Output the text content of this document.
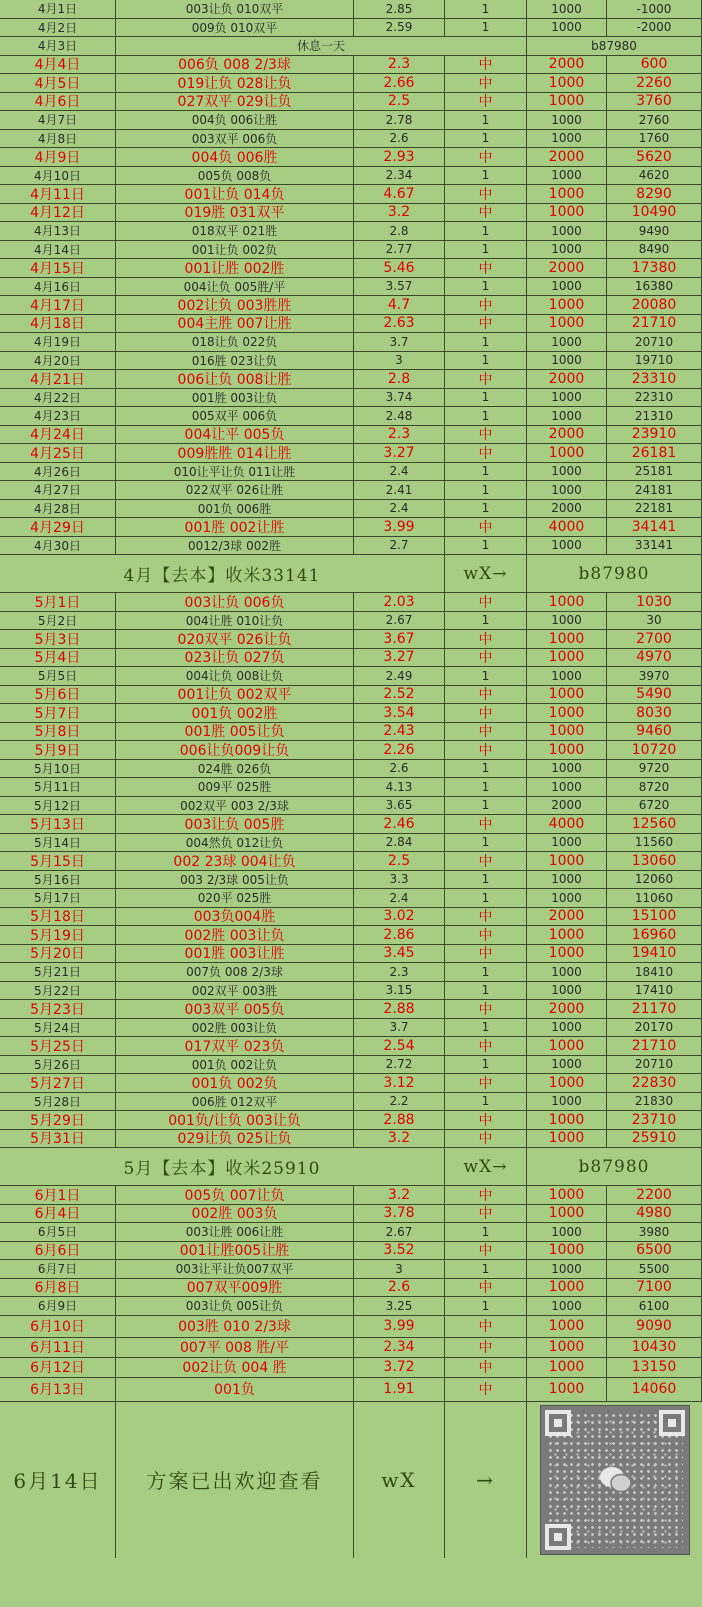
4月1日	003让负 010双平	2.85	1	1000	-1000
4月2日	009负 010双平	2.59	1	1000	-2000
4月3日	休息一天	b87980
4月4日	006负 008 2/3球	2.3	中	2000	600
4月5日	019让负 028让负	2.66	中	1000	2260
4月6日	027双平 029让负	2.5	中	1000	3760
4月7日	004负 006让胜	2.78	1	1000	2760
4月8日	003双平 006负	2.6	1	1000	1760
4月9日	004负 006胜	2.93	中	2000	5620
4月10日	005负 008负	2.34	1	1000	4620
4月11日	001让负 014负	4.67	中	1000	8290
4月12日	019胜 031双平	3.2	中	1000	10490
4月13日	018双平 021胜	2.8	1	1000	9490
4月14日	001让负 002负	2.77	1	1000	8490
4月15日	001让胜 002胜	5.46	中	2000	17380
4月16日	004让负 005胜/平	3.57	1	1000	16380
4月17日	002让负 003胜胜	4.7	中	1000	20080
4月18日	004主胜 007让胜	2.63	中	1000	21710
4月19日	018让负 022负	3.7	1	1000	20710
4月20日	016胜 023让负	3	1	1000	19710
4月21日	006让负 008让胜	2.8	中	2000	23310
4月22日	001胜 003让负	3.74	1	1000	22310
4月23日	005双平 006负	2.48	1	1000	21310
4月24日	004让平 005负	2.3	中	2000	23910
4月25日	009胜胜 014让胜	3.27	中	1000	26181
4月26日	010让平让负 011让胜	2.4	1	1000	25181
4月27日	022双平 026让胜	2.41	1	1000	24181
4月28日	001负 006胜	2.4	1	2000	22181
4月29日	001胜 002让胜	3.99	中	4000	34141
4月30日	0012/3球 002胜	2.7	1	1000	33141
4月【去本】收米33141	wX→	b87980
5月1日	003让负 006负	2.03	中	1000	1030
5月2日	004让胜 010让负	2.67	1	1000	30
5月3日	020双平 026让负	3.67	中	1000	2700
5月4日	023让负 027负	3.27	中	1000	4970
5月5日	004让负 008让负	2.49	1	1000	3970
5月6日	001让负 002双平	2.52	中	1000	5490
5月7日	001负 002胜	3.54	中	1000	8030
5月8日	001胜 005让负	2.43	中	1000	9460
5月9日	006让负009让负	2.26	中	1000	10720
5月10日	024胜 026负	2.6	1	1000	9720
5月11日	009平 025胜	4.13	1	1000	8720
5月12日	002双平 003 2/3球	3.65	1	2000	6720
5月13日	003让负 005胜	2.46	中	4000	12560
5月14日	004然负 012让负	2.84	1	1000	11560
5月15日	002 23球 004让负	2.5	中	1000	13060
5月16日	003 2/3球 005让负	3.3	1	1000	12060
5月17日	020平 025胜	2.4	1	1000	11060
5月18日	003负004胜	3.02	中	2000	15100
5月19日	002胜 003让负	2.86	中	1000	16960
5月20日	001胜 003让胜	3.45	中	1000	19410
5月21日	007负 008 2/3球	2.3	1	1000	18410
5月22日	002双平 003胜	3.15	1	1000	17410
5月23日	003双平 005负	2.88	中	2000	21170
5月24日	002胜 003让负	3.7	1	1000	20170
5月25日	017双平 023负	2.54	中	1000	21710
5月26日	001负 002让负	2.72	1	1000	20710
5月27日	001负 002负	3.12	中	1000	22830
5月28日	006胜 012双平	2.2	1	1000	21830
5月29日	001负/让负 003让负	2.88	中	1000	23710
5月31日	029让负 025让负	3.2	中	1000	25910
5月【去本】收米25910	wX→	b87980
6月1日	005负 007让负	3.2	中	1000	2200
6月4日	002胜 003负	3.78	中	1000	4980
6月5日	003让胜 006让胜	2.67	1	1000	3980
6月6日	001让胜005让胜	3.52	中	1000	6500
6月7日	003让平让负007双平	3	1	1000	5500
6月8日	007双平009胜	2.6	中	1000	7100
6月9日	003让负 005让负	3.25	1	1000	6100
6月10日	003胜 010 2/3球	3.99	中	1000	9090
6月11日	007平 008 胜/平	2.34	中	1000	10430
6月12日	002让负 004 胜	3.72	中	1000	13150
6月13日	001负	1.91	中	1000	14060
6月14日	方案已出欢迎查看	wX	→
